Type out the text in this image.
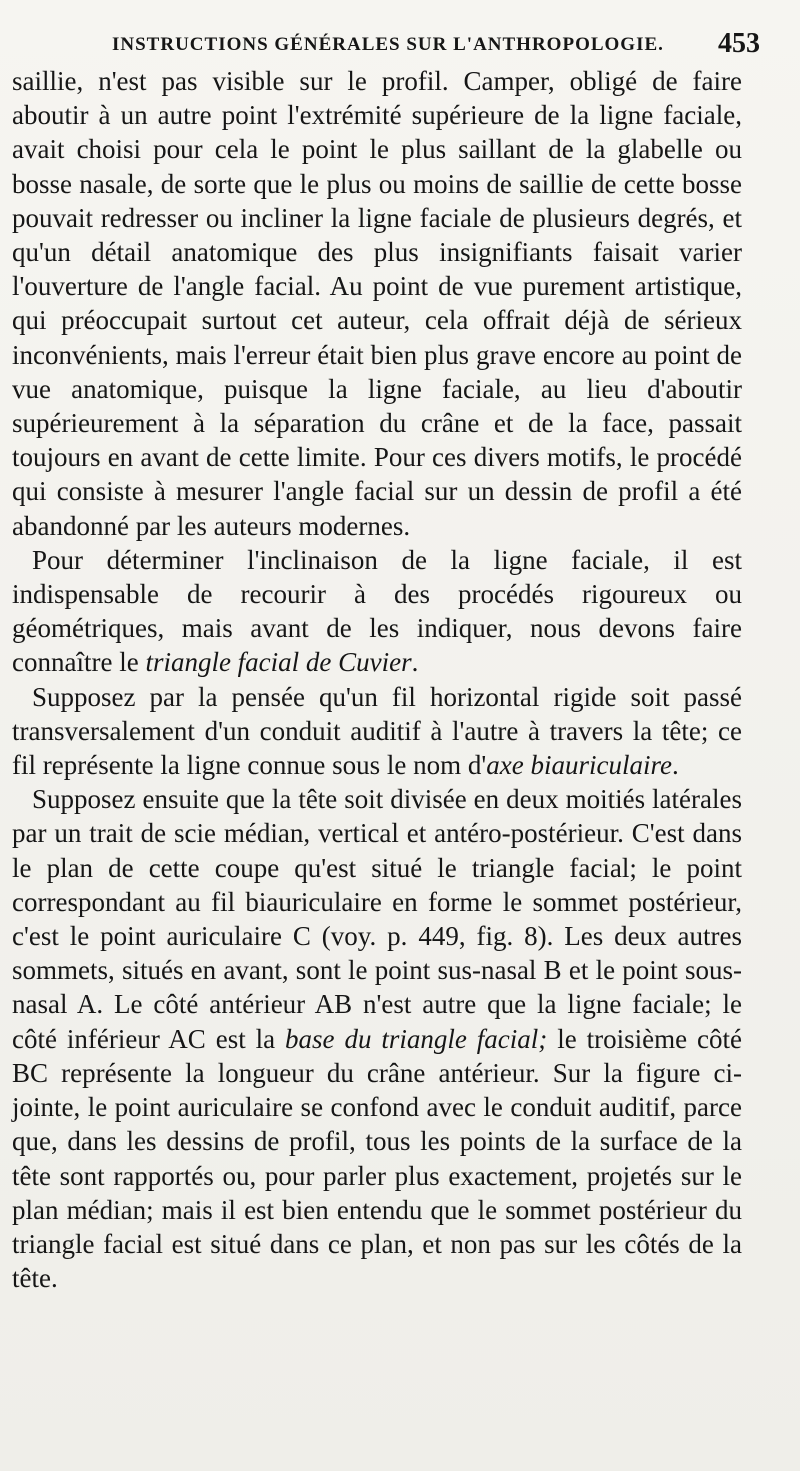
INSTRUCTIONS GÉNÉRALES SUR L'ANTHROPOLOGIE. 453

saillie, n'est pas visible sur le profil. Camper, obligé de faire aboutir à un autre point l'extrémité supérieure de la ligne faciale, avait choisi pour cela le point le plus saillant de la glabelle ou bosse nasale, de sorte que le plus ou moins de saillie de cette bosse pouvait redresser ou incliner la ligne faciale de plusieurs degrés, et qu'un détail anatomique des plus insignifiants faisait varier l'ouverture de l'angle facial. Au point de vue purement artistique, qui préoccupait surtout cet auteur, cela offrait déjà de sérieux inconvénients, mais l'erreur était bien plus grave encore au point de vue anatomique, puisque la ligne faciale, au lieu d'aboutir supérieurement à la séparation du crâne et de la face, passait toujours en avant de cette limite. Pour ces divers motifs, le procédé qui consiste à mesurer l'angle facial sur un dessin de profil a été abandonné par les auteurs modernes.

Pour déterminer l'inclinaison de la ligne faciale, il est indispensable de recourir à des procédés rigoureux ou géométriques, mais avant de les indiquer, nous devons faire connaître le triangle facial de Cuvier.

Supposez par la pensée qu'un fil horizontal rigide soit passé transversalement d'un conduit auditif à l'autre à travers la tête; ce fil représente la ligne connue sous le nom d'axe biauriculaire.

Supposez ensuite que la tête soit divisée en deux moitiés latérales par un trait de scie médian, vertical et antéro-postérieur. C'est dans le plan de cette coupe qu'est situé le triangle facial; le point correspondant au fil biauriculaire en forme le sommet postérieur, c'est le point auriculaire C (voy. p. 449, fig. 8). Les deux autres sommets, situés en avant, sont le point sus-nasal B et le point sous-nasal A. Le côté antérieur AB n'est autre que la ligne faciale; le côté inférieur AC est la base du triangle facial; le troisième côté BC représente la longueur du crâne antérieur. Sur la figure ci-jointe, le point auriculaire se confond avec le conduit auditif, parce que, dans les dessins de profil, tous les points de la surface de la tête sont rapportés ou, pour parler plus exactement, projetés sur le plan médian; mais il est bien entendu que le sommet postérieur du triangle facial est situé dans ce plan, et non pas sur les côtés de la tête.
